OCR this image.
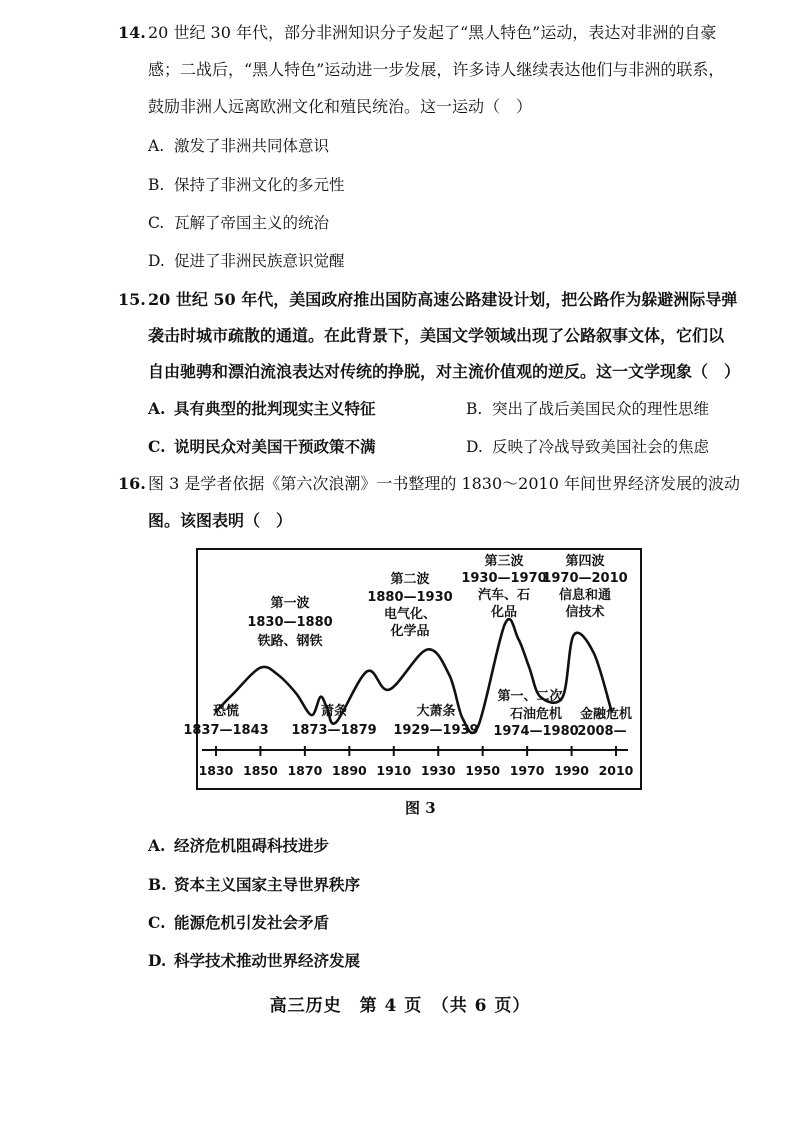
14. 20 世纪 30 年代，部分非洲知识分子发起了“黑人特色”运动，表达对非洲的自豪
感；二战后，“黑人特色”运动进一步发展，许多诗人继续表达他们与非洲的联系，
鼓励非洲人远离欧洲文化和殖民统治。这一运动（　）
A. 激发了非洲共同体意识
B. 保持了非洲文化的多元性
C. 瓦解了帝国主义的统治
D. 促进了非洲民族意识觉醒
15. 20 世纪 50 年代，美国政府推出国防高速公路建设计划，把公路作为躲避洲际导弹
袭击时城市疏散的通道。在此背景下，美国文学领域出现了公路叙事文体，它们以
自由驰骋和漂泊流浪表达对传统的挣脱，对主流价值观的逆反。这一文学现象（　）
A. 具有典型的批判现实主义特征	B. 突出了战后美国民众的理性思维
C. 说明民众对美国干预政策不满	D. 反映了冷战导致美国社会的焦虑
16. 图 3 是学者依据《第六次浪潮》一书整理的 1830～2010 年间世界经济发展的波动
图。该图表明（　）
1830 1850 1870 1890 1910 1930 1950 1970 1990 2010
第一波
1830—1880
铁路、钢铁
第二波
1880—1930
电气化、
化学品
第三波
1930—1970
汽车、石
化品
第四波
1970—2010
信息和通
信技术
恐慌
1837—1843
萧条
1873—1879
大萧条
1929—1939
第一、二次
石油危机
1974—1980
金融危机
2008—
图 3
A. 经济危机阻碍科技进步
B. 资本主义国家主导世界秩序
C. 能源危机引发社会矛盾
D. 科学技术推动世界经济发展
高三历史　第 4 页　（共 6 页）
